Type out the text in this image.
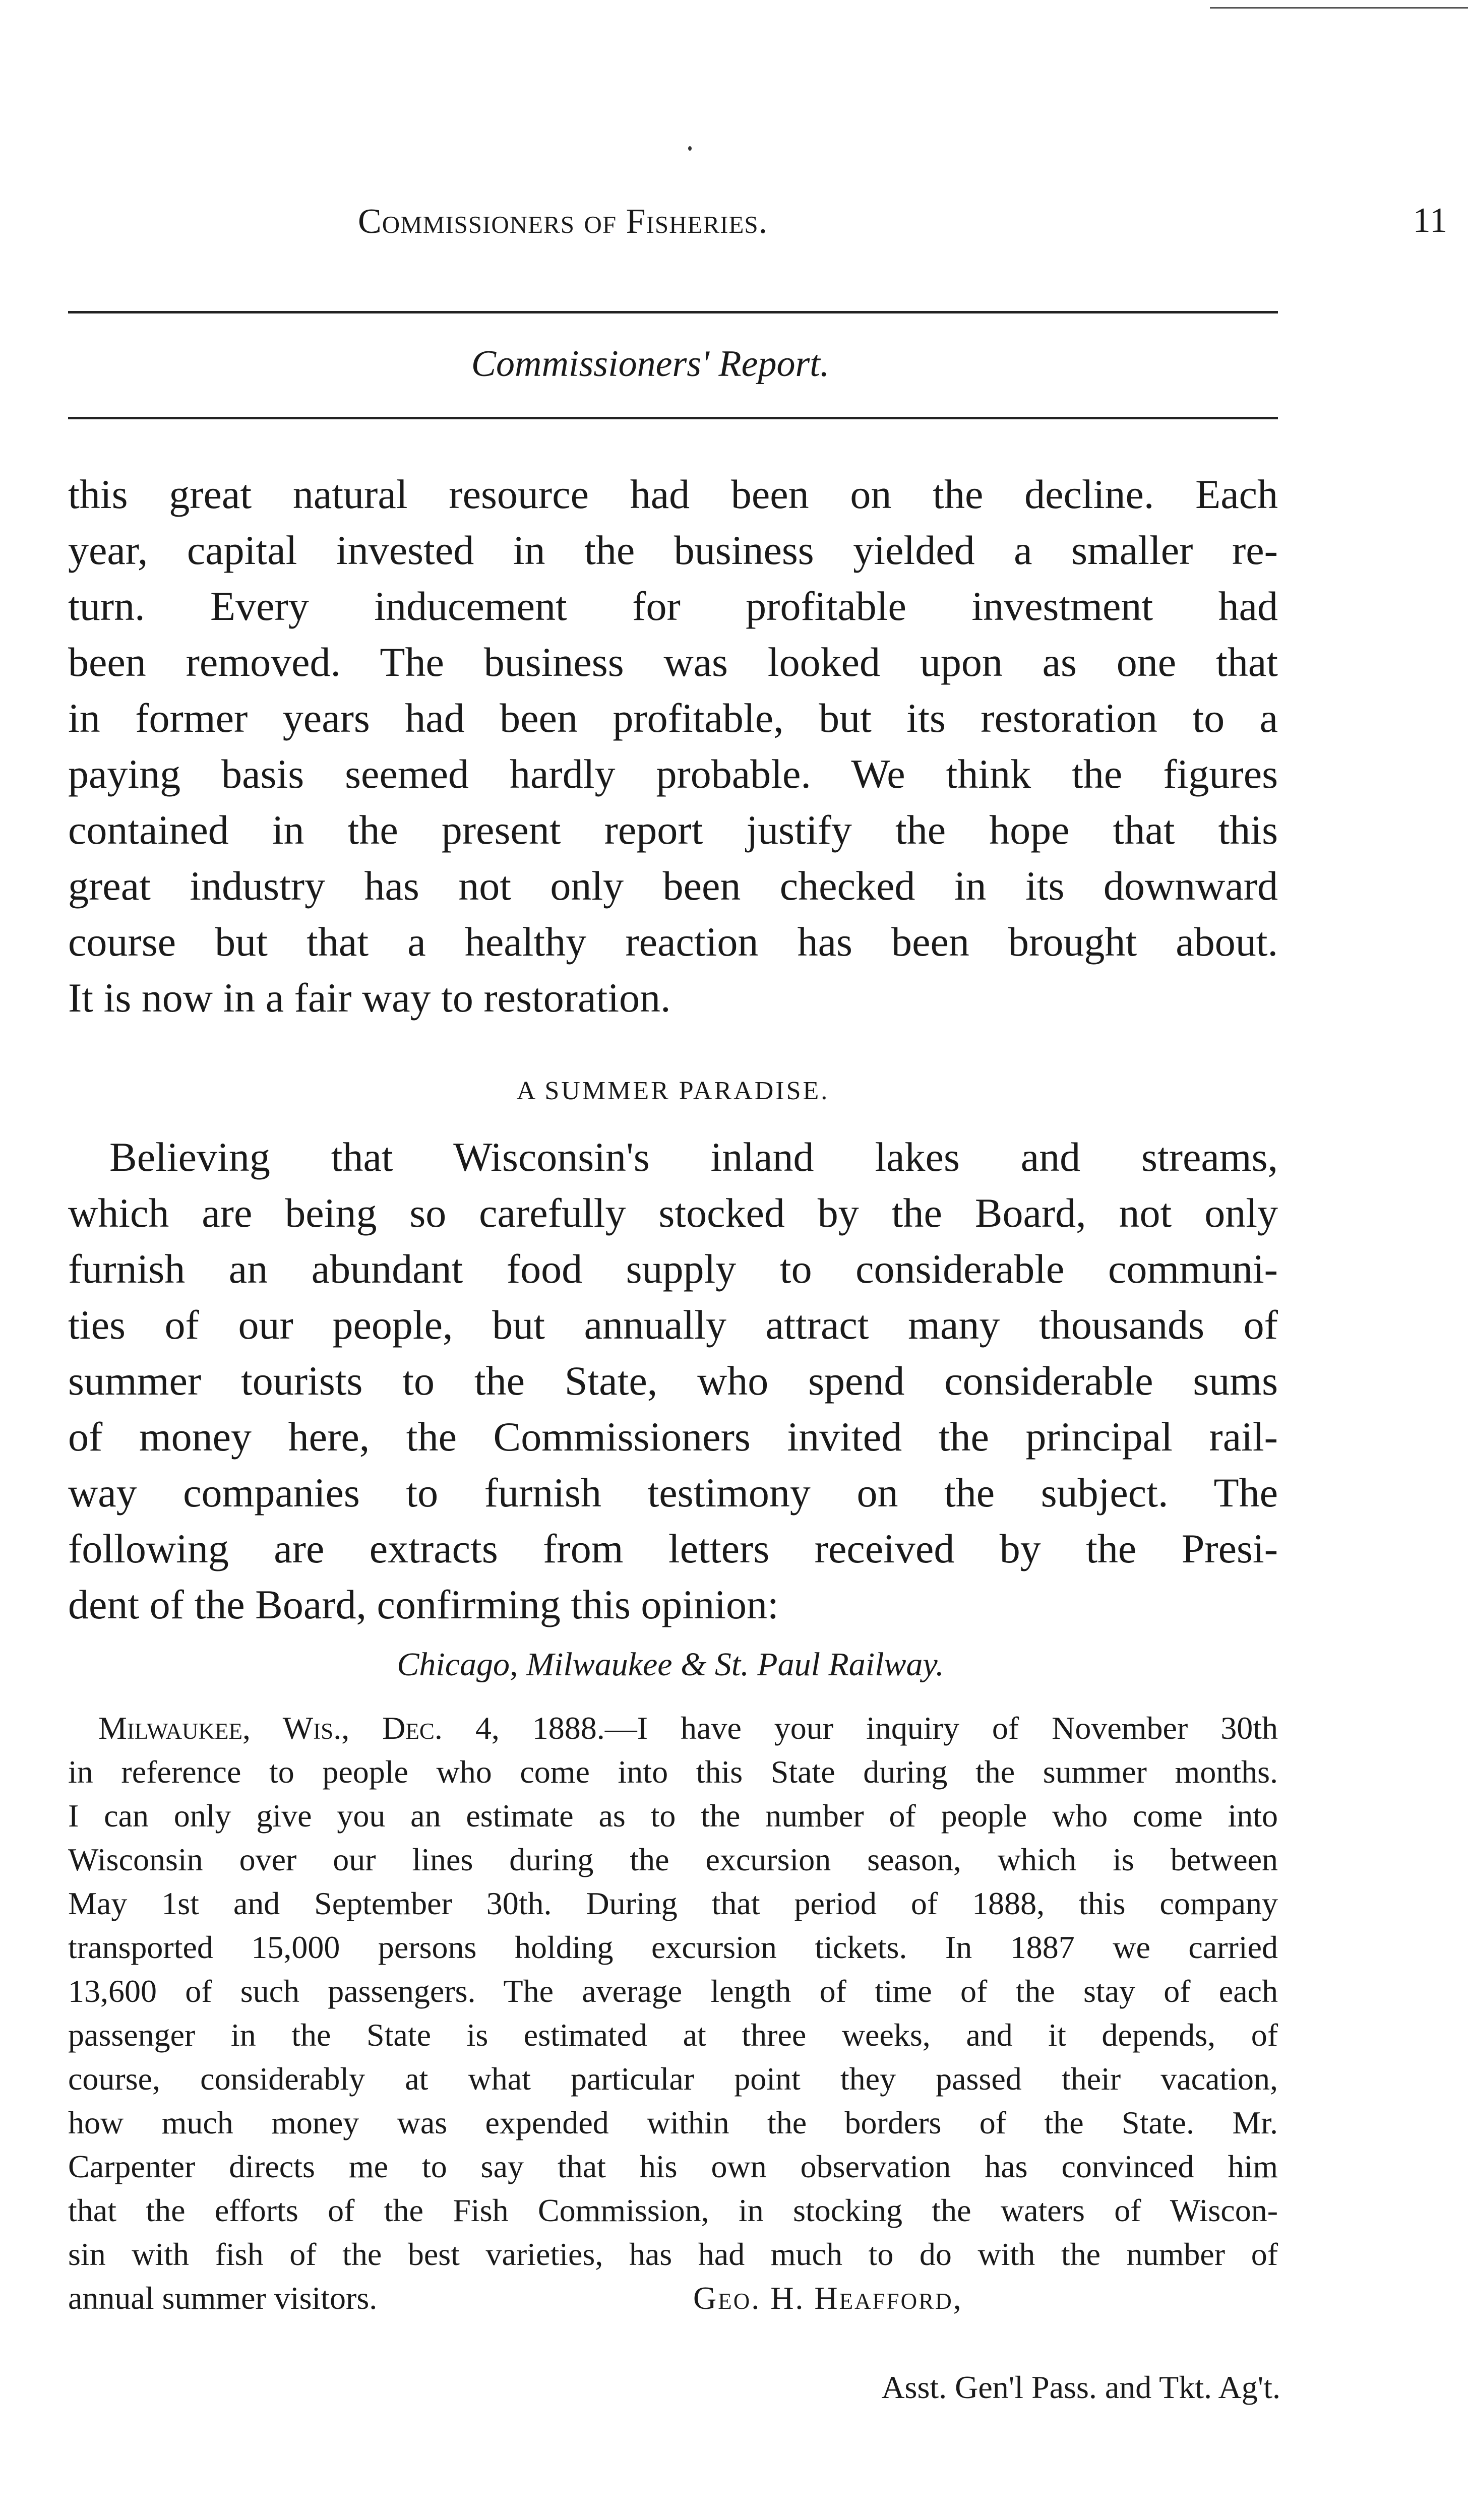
Commissioners of Fisheries.	11
Commissioners' Report.
this great natural resource had been on the decline. Each
year, capital invested in the business yielded a smaller re-
turn. Every inducement for profitable investment had
been removed. The business was looked upon as one that
in former years had been profitable, but its restoration to a
paying basis seemed hardly probable. We think the figures
contained in the present report justify the hope that this
great industry has not only been checked in its downward
course but that a healthy reaction has been brought about.
It is now in a fair way to restoration.
A SUMMER PARADISE.
Believing that Wisconsin's inland lakes and streams,
which are being so carefully stocked by the Board, not only
furnish an abundant food supply to considerable communi-
ties of our people, but annually attract many thousands of
summer tourists to the State, who spend considerable sums
of money here, the Commissioners invited the principal rail-
way companies to furnish testimony on the subject. The
following are extracts from letters received by the Presi-
dent of the Board, confirming this opinion:
Chicago, Milwaukee & St. Paul Railway.
Milwaukee, Wis., Dec. 4, 1888.—I have your inquiry of November 30th
in reference to people who come into this State during the summer months.
I can only give you an estimate as to the number of people who come into
Wisconsin over our lines during the excursion season, which is between
May 1st and September 30th. During that period of 1888, this company
transported 15,000 persons holding excursion tickets. In 1887 we carried
13,600 of such passengers. The average length of time of the stay of each
passenger in the State is estimated at three weeks, and it depends, of
course, considerably at what particular point they passed their vacation,
how much money was expended within the borders of the State. Mr.
Carpenter directs me to say that his own observation has convinced him
that the efforts of the Fish Commission, in stocking the waters of Wiscon-
sin with fish of the best varieties, has had much to do with the number of
annual summer visitors.	Geo. H. Heafford,
Asst. Gen'l Pass. and Tkt. Ag't.
